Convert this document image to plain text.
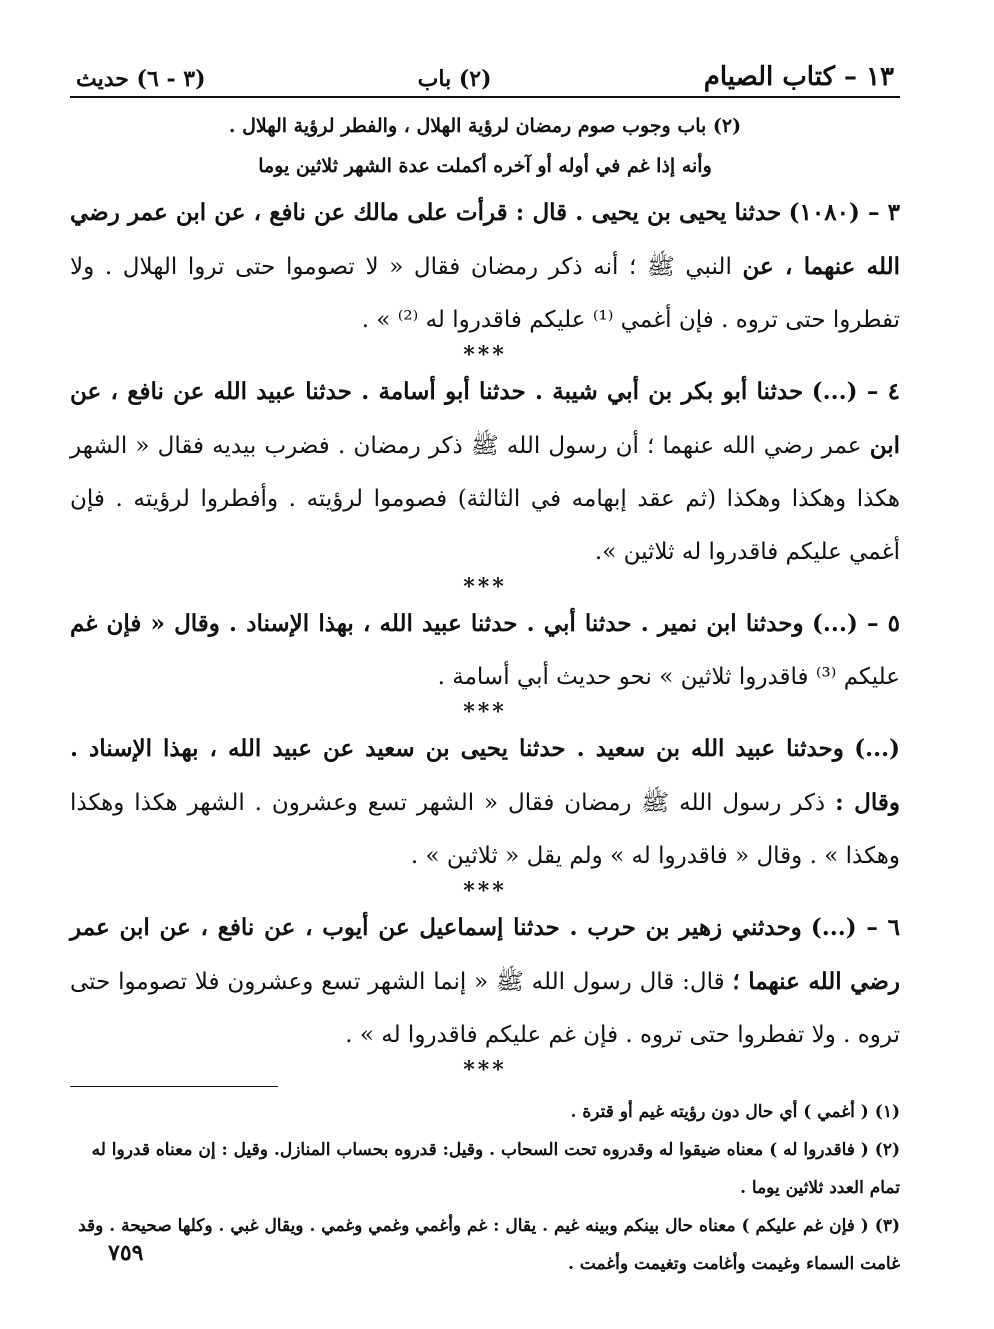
١٣ – كتاب الصيام
(٢) باب
(٣ - ٦) حديث
(٢) باب وجوب صوم رمضان لرؤية الهلال ، والفطر لرؤية الهلال .
وأنه إذا غم في أوله أو آخره أكملت عدة الشهر ثلاثين يوما

٣ – (١٠٨٠) حدثنا يحيى بن يحيى . قال : قرأت على مالك عن نافع ، عن ابن عمر رضي الله عنهما ، عن النبي ﷺ ؛ أنه ذكر رمضان فقال « لا تصوموا حتى تروا الهلال . ولا تفطروا حتى تروه . فإن أغمي ⁽¹⁾ عليكم فاقدروا له ⁽²⁾ » .

***

٤ – (...) حدثنا أبو بكر بن أبي شيبة . حدثنا أبو أسامة . حدثنا عبيد الله عن نافع ، عن ابن عمر رضي الله عنهما ؛ أن رسول الله ﷺ ذكر رمضان . فضرب بيديه فقال « الشهر هكذا وهكذا وهكذا (ثم عقد إبهامه في الثالثة) فصوموا لرؤيته . وأفطروا لرؤيته . فإن أغمي عليكم فاقدروا له ثلاثين ».

***

٥ – (...) وحدثنا ابن نمير . حدثنا أبي . حدثنا عبيد الله ، بهذا الإسناد . وقال « فإن غم عليكم ⁽³⁾ فاقدروا ثلاثين » نحو حديث أبي أسامة .

***

(...) وحدثنا عبيد الله بن سعيد . حدثنا يحيى بن سعيد عن عبيد الله ، بهذا الإسناد . وقال : ذكر رسول الله ﷺ رمضان فقال « الشهر تسع وعشرون . الشهر هكذا وهكذا وهكذا » . وقال « فاقدروا له » ولم يقل « ثلاثين » .

***

٦ – (...) وحدثني زهير بن حرب . حدثنا إسماعيل عن أيوب ، عن نافع ، عن ابن عمر رضي الله عنهما ؛ قال: قال رسول الله ﷺ « إنما الشهر تسع وعشرون فلا تصوموا حتى تروه . ولا تفطروا حتى تروه . فإن غم عليكم فاقدروا له » .

***

(١) ( أغمي ) أي حال دون رؤيته غيم أو قترة .

(٢) ( فاقدروا له ) معناه ضيقوا له وقدروه تحت السحاب . وقيل: قدروه بحساب المنازل. وقيل : إن معناه قدروا له تمام العدد ثلاثين يوما .

(٣) ( فإن غم عليكم ) معناه حال بينكم وبينه غيم . يقال : غم وأغمي وغمي وغمي . ويقال غبي . وكلها صحيحة . وقد غامت السماء وغيمت وأغامت وتغيمت وأغمت .

٧٥٩
